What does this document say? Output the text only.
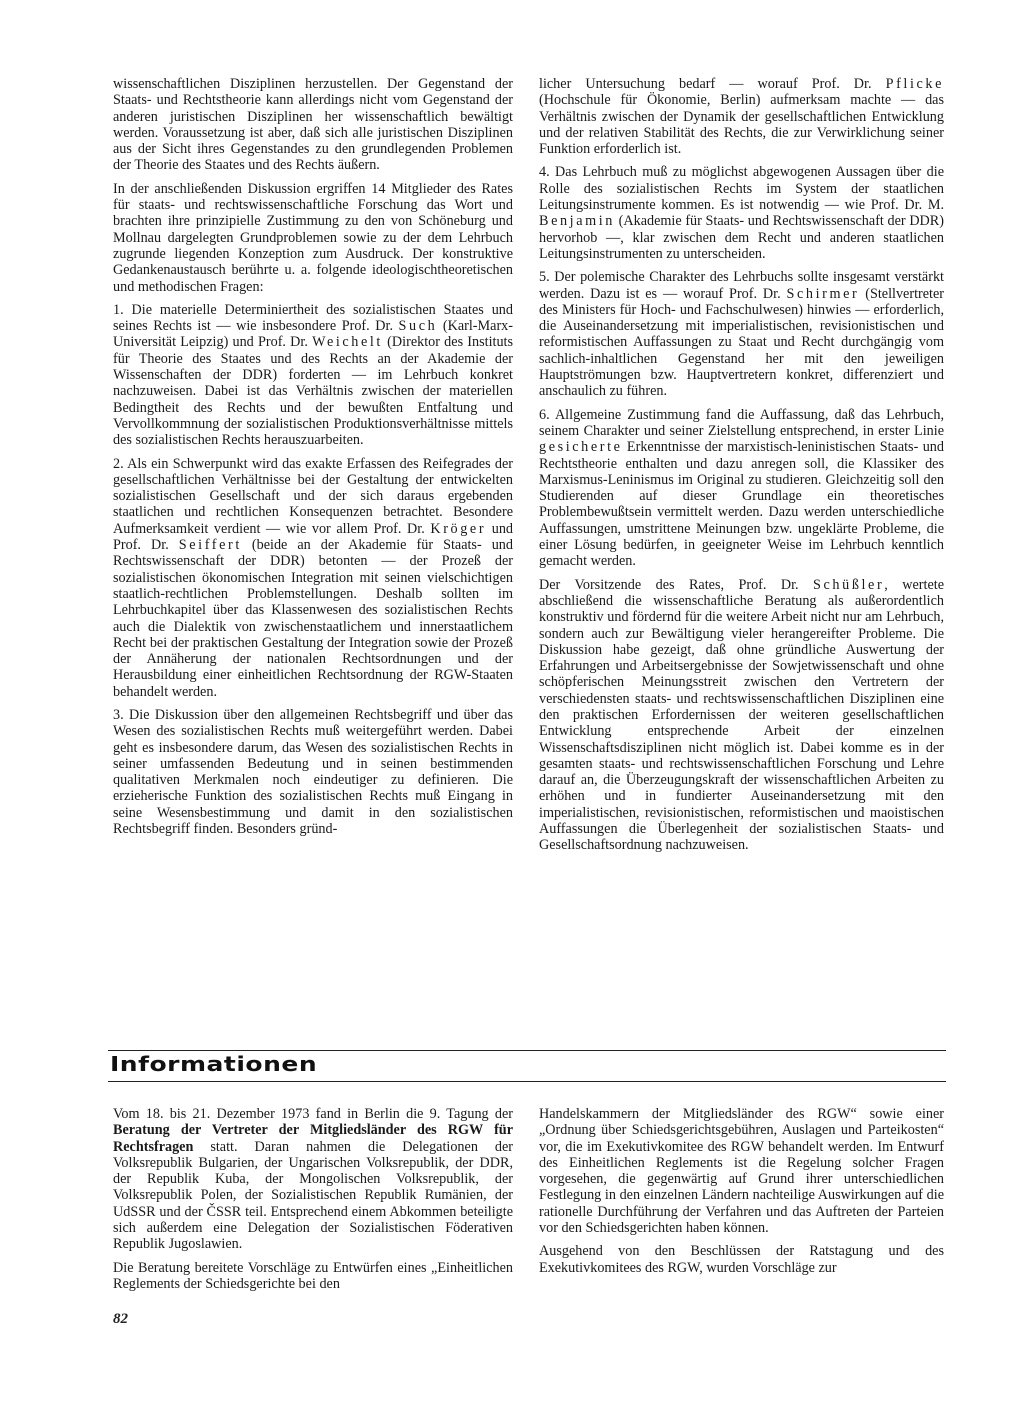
wissenschaftlichen Disziplinen herzustellen. Der Gegenstand der Staats- und Rechtstheorie kann allerdings nicht vom Gegenstand der anderen juristischen Disziplinen her wissenschaftlich bewältigt werden. Voraussetzung ist aber, daß sich alle juristischen Disziplinen aus der Sicht ihres Gegenstandes zu den grundlegenden Problemen der Theorie des Staates und des Rechts äußern.

In der anschließenden Diskussion ergriffen 14 Mitglieder des Rates für staats- und rechtswissenschaftliche Forschung das Wort und brachten ihre prinzipielle Zustimmung zu den von Schöneburg und Mollnau dargelegten Grundproblemen sowie zu der dem Lehrbuch zugrunde liegenden Konzeption zum Ausdruck. Der konstruktive Gedankenaustausch berührte u. a. folgende ideologischtheoretischen und methodischen Fragen:

1. Die materielle Determiniertheit des sozialistischen Staates und seines Rechts ist — wie insbesondere Prof. Dr. Such (Karl-Marx-Universität Leipzig) und Prof. Dr. Weichelt (Direktor des Instituts für Theorie des Staates und des Rechts an der Akademie der Wissenschaften der DDR) forderten — im Lehrbuch konkret nachzuweisen. Dabei ist das Verhältnis zwischen der materiellen Bedingtheit des Rechts und der bewußten Entfaltung und Vervollkommnung der sozialistischen Produktionsverhältnisse mittels des sozialistischen Rechts herauszuarbeiten.

2. Als ein Schwerpunkt wird das exakte Erfassen des Reifegrades der gesellschaftlichen Verhältnisse bei der Gestaltung der entwickelten sozialistischen Gesellschaft und der sich daraus ergebenden staatlichen und rechtlichen Konsequenzen betrachtet. Besondere Aufmerksamkeit verdient — wie vor allem Prof. Dr. Kröger und Prof. Dr. Seiffert (beide an der Akademie für Staats- und Rechtswissenschaft der DDR) betonten — der Prozeß der sozialistischen ökonomischen Integration mit seinen vielschichtigen staatlich-rechtlichen Problemstellungen. Deshalb sollten im Lehrbuchkapitel über das Klassenwesen des sozialistischen Rechts auch die Dialektik von zwischenstaatlichem und innerstaatlichem Recht bei der praktischen Gestaltung der Integration sowie der Prozeß der Annäherung der nationalen Rechtsordnungen und der Herausbildung einer einheitlichen Rechtsordnung der RGW-Staaten behandelt werden.

3. Die Diskussion über den allgemeinen Rechtsbegriff und über das Wesen des sozialistischen Rechts muß weitergeführt werden. Dabei geht es insbesondere darum, das Wesen des sozialistischen Rechts in seiner umfassenden Bedeutung und in seinen bestimmenden qualitativen Merkmalen noch eindeutiger zu definieren. Die erzieherische Funktion des sozialistischen Rechts muß Eingang in seine Wesensbestimmung und damit in den sozialistischen Rechtsbegriff finden. Besonders gründ-

licher Untersuchung bedarf — worauf Prof. Dr. Pflicke (Hochschule für Ökonomie, Berlin) aufmerksam machte — das Verhältnis zwischen der Dynamik der gesellschaftlichen Entwicklung und der relativen Stabilität des Rechts, die zur Verwirklichung seiner Funktion erforderlich ist.

4. Das Lehrbuch muß zu möglichst abgewogenen Aussagen über die Rolle des sozialistischen Rechts im System der staatlichen Leitungsinstrumente kommen. Es ist notwendig — wie Prof. Dr. M. Benjamin (Akademie für Staats- und Rechtswissenschaft der DDR) hervorhob —, klar zwischen dem Recht und anderen staatlichen Leitungsinstrumenten zu unterscheiden.

5. Der polemische Charakter des Lehrbuchs sollte insgesamt verstärkt werden. Dazu ist es — worauf Prof. Dr. Schirmer (Stellvertreter des Ministers für Hoch- und Fachschulwesen) hinwies — erforderlich, die Auseinandersetzung mit imperialistischen, revisionistischen und reformistischen Auffassungen zu Staat und Recht durchgängig vom sachlich-inhaltlichen Gegenstand her mit den jeweiligen Hauptströmungen bzw. Hauptvertretern konkret, differenziert und anschaulich zu führen.

6. Allgemeine Zustimmung fand die Auffassung, daß das Lehrbuch, seinem Charakter und seiner Zielstellung entsprechend, in erster Linie gesicherte Erkenntnisse der marxistisch-leninistischen Staats- und Rechtstheorie enthalten und dazu anregen soll, die Klassiker des Marxismus-Leninismus im Original zu studieren. Gleichzeitig soll den Studierenden auf dieser Grundlage ein theoretisches Problembewußtsein vermittelt werden. Dazu werden unterschiedliche Auffassungen, umstrittene Meinungen bzw. ungeklärte Probleme, die einer Lösung bedürfen, in geeigneter Weise im Lehrbuch kenntlich gemacht werden.

Der Vorsitzende des Rates, Prof. Dr. Schüßler, wertete abschließend die wissenschaftliche Beratung als außerordentlich konstruktiv und fördernd für die weitere Arbeit nicht nur am Lehrbuch, sondern auch zur Bewältigung vieler herangereifter Probleme. Die Diskussion habe gezeigt, daß ohne gründliche Auswertung der Erfahrungen und Arbeitsergebnisse der Sowjetwissenschaft und ohne schöpferischen Meinungsstreit zwischen den Vertretern der verschiedensten staats- und rechtswissenschaftlichen Disziplinen eine den praktischen Erfordernissen der weiteren gesellschaftlichen Entwicklung entsprechende Arbeit der einzelnen Wissenschaftsdisziplinen nicht möglich ist. Dabei komme es in der gesamten staats- und rechtswissenschaftlichen Forschung und Lehre darauf an, die Überzeugungskraft der wissenschaftlichen Arbeiten zu erhöhen und in fundierter Auseinandersetzung mit den imperialistischen, revisionistischen, reformistischen und maoistischen Auffassungen die Überlegenheit der sozialistischen Staats- und Gesellschaftsordnung nachzuweisen.

Informationen

Vom 18. bis 21. Dezember 1973 fand in Berlin die 9. Tagung der Beratung der Vertreter der Mitgliedsländer des RGW für Rechtsfragen statt. Daran nahmen die Delegationen der Volksrepublik Bulgarien, der Ungarischen Volksrepublik, der DDR, der Republik Kuba, der Mongolischen Volksrepublik, der Volksrepublik Polen, der Sozialistischen Republik Rumänien, der UdSSR und der ČSSR teil. Entsprechend einem Abkommen beteiligte sich außerdem eine Delegation der Sozialistischen Föderativen Republik Jugoslawien.

Die Beratung bereitete Vorschläge zu Entwürfen eines „Einheitlichen Reglements der Schiedsgerichte bei den

Handelskammern der Mitgliedsländer des RGW“ sowie einer „Ordnung über Schiedsgerichtsgebühren, Auslagen und Parteikosten“ vor, die im Exekutivkomitee des RGW behandelt werden. Im Entwurf des Einheitlichen Reglements ist die Regelung solcher Fragen vorgesehen, die gegenwärtig auf Grund ihrer unterschiedlichen Festlegung in den einzelnen Ländern nachteilige Auswirkungen auf die rationelle Durchführung der Verfahren und das Auftreten der Parteien vor den Schiedsgerichten haben können.

Ausgehend von den Beschlüssen der Ratstagung und des Exekutivkomitees des RGW, wurden Vorschläge zur

82
